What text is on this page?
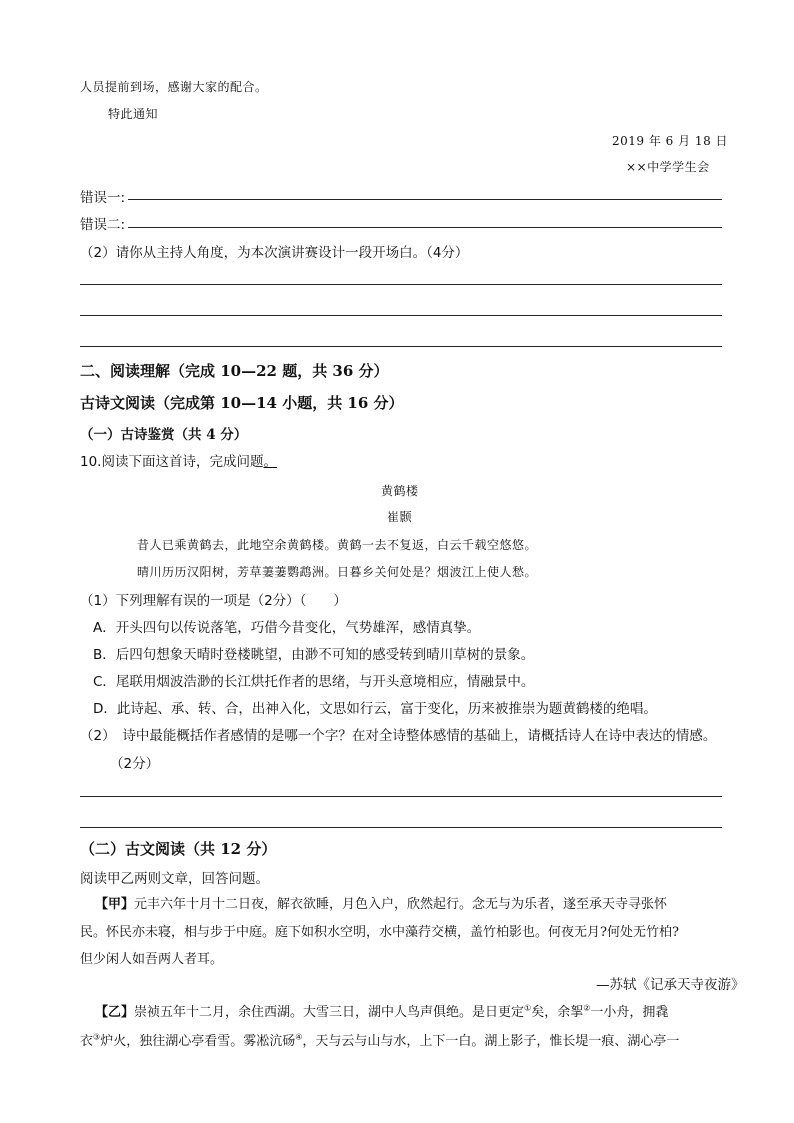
人员提前到场，感谢大家的配合。
特此通知
2019 年 6 月 18 日
××中学学生会
错误一:
错误二:
（2）请你从主持人角度，为本次演讲赛设计一段开场白。（4分）
二、阅读理解（完成 10—22 题，共 36 分）
古诗文阅读（完成第 10—14 小题，共 16 分）
（一）古诗鉴赏（共 4 分）
10.阅读下面这首诗，完成问题。
黄鹤楼
崔颢
昔人已乘黄鹤去，此地空余黄鹤楼。黄鹤一去不复返，白云千载空悠悠。
晴川历历汉阳树，芳草萋萋鹦鹉洲。日暮乡关何处是？烟波江上使人愁。
（1）下列理解有误的一项是（2分）（　　）
A．开头四句以传说落笔，巧借今昔变化，气势雄浑，感情真挚。
B．后四句想象天晴时登楼眺望，由渺不可知的感受转到晴川草树的景象。
C．尾联用烟波浩渺的长江烘托作者的思绪，与开头意境相应，情融景中。
D．此诗起、承、转、合，出神入化，文思如行云，富于变化，历来被推崇为题黄鹤楼的绝唱。
（2）　诗中最能概括作者感情的是哪一个字？在对全诗整体感情的基础上，请概括诗人在诗中表达的情感。
（2分）
（二）古文阅读（共 12 分）
阅读甲乙两则文章，回答问题。
【甲】元丰六年十月十二日夜，解衣欲睡，月色入户，欣然起行。念无与为乐者，遂至承天寺寻张怀
民。怀民亦未寝，相与步于中庭。庭下如积水空明，水中藻荇交横，盖竹柏影也。何夜无月?何处无竹柏?
但少闲人如吾两人者耳。
—苏轼《记承天寺夜游》
【乙】崇祯五年十二月，余住西湖。大雪三日，湖中人鸟声俱绝。是日更定①矣，余挐②一小舟，拥毳
衣③炉火，独往湖心亭看雪。雾凇沆砀④，天与云与山与水，上下一白。湖上影子，惟长堤一痕、湖心亭一
